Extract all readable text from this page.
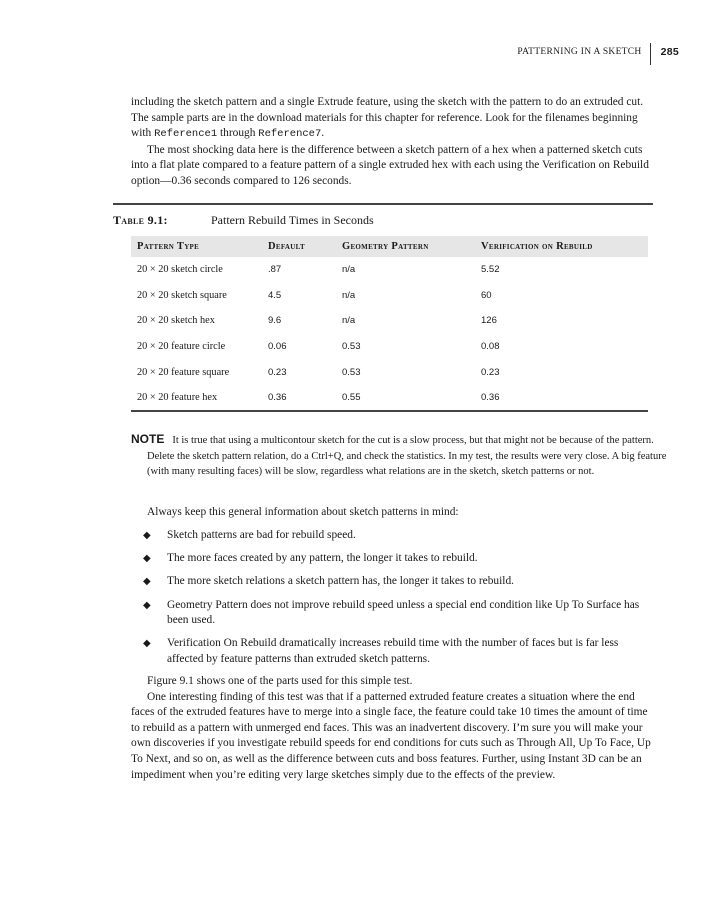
PATTERNING IN A SKETCH 285

including the sketch pattern and a single Extrude feature, using the sketch with the pattern to do an extruded cut. The sample parts are in the download materials for this chapter for reference. Look for the filenames beginning with Reference1 through Reference7.

The most shocking data here is the difference between a sketch pattern of a hex when a patterned sketch cuts into a flat plate compared to a feature pattern of a single extruded hex with each using the Verification on Rebuild option—0.36 seconds compared to 126 seconds.

Table 9.1:	Pattern Rebuild Times in Seconds
Pattern Type	Default	Geometry Pattern	Verification on Rebuild
20 × 20 sketch circle	.87	n/a	5.52
20 × 20 sketch square	4.5	n/a	60
20 × 20 sketch hex	9.6	n/a	126
20 × 20 feature circle	0.06	0.53	0.08
20 × 20 feature square	0.23	0.53	0.23
20 × 20 feature hex	0.36	0.55	0.36
NOTE It is true that using a multicontour sketch for the cut is a slow process, but that might not be because of the pattern. Delete the sketch pattern relation, do a Ctrl+Q, and check the statistics. In my test, the results were very close. A big feature (with many resulting faces) will be slow, regardless what relations are in the sketch, sketch patterns or not.
Always keep this general information about sketch patterns in mind:
◆ Sketch patterns are bad for rebuild speed.
◆ The more faces created by any pattern, the longer it takes to rebuild.
◆ The more sketch relations a sketch pattern has, the longer it takes to rebuild.
◆ Geometry Pattern does not improve rebuild speed unless a special end condition like Up To Surface has been used.
◆ Verification On Rebuild dramatically increases rebuild time with the number of faces but is far less affected by feature patterns than extruded sketch patterns.

Figure 9.1 shows one of the parts used for this simple test.

One interesting finding of this test was that if a patterned extruded feature creates a situation where the end faces of the extruded features have to merge into a single face, the feature could take 10 times the amount of time to rebuild as a pattern with unmerged end faces. This was an inadvertent discovery. I’m sure you will make your own discoveries if you investigate rebuild speeds for end conditions for cuts such as Through All, Up To Face, Up To Next, and so on, as well as the difference between cuts and boss features. Further, using Instant 3D can be an impediment when you’re editing very large sketches simply due to the effects of the preview.
